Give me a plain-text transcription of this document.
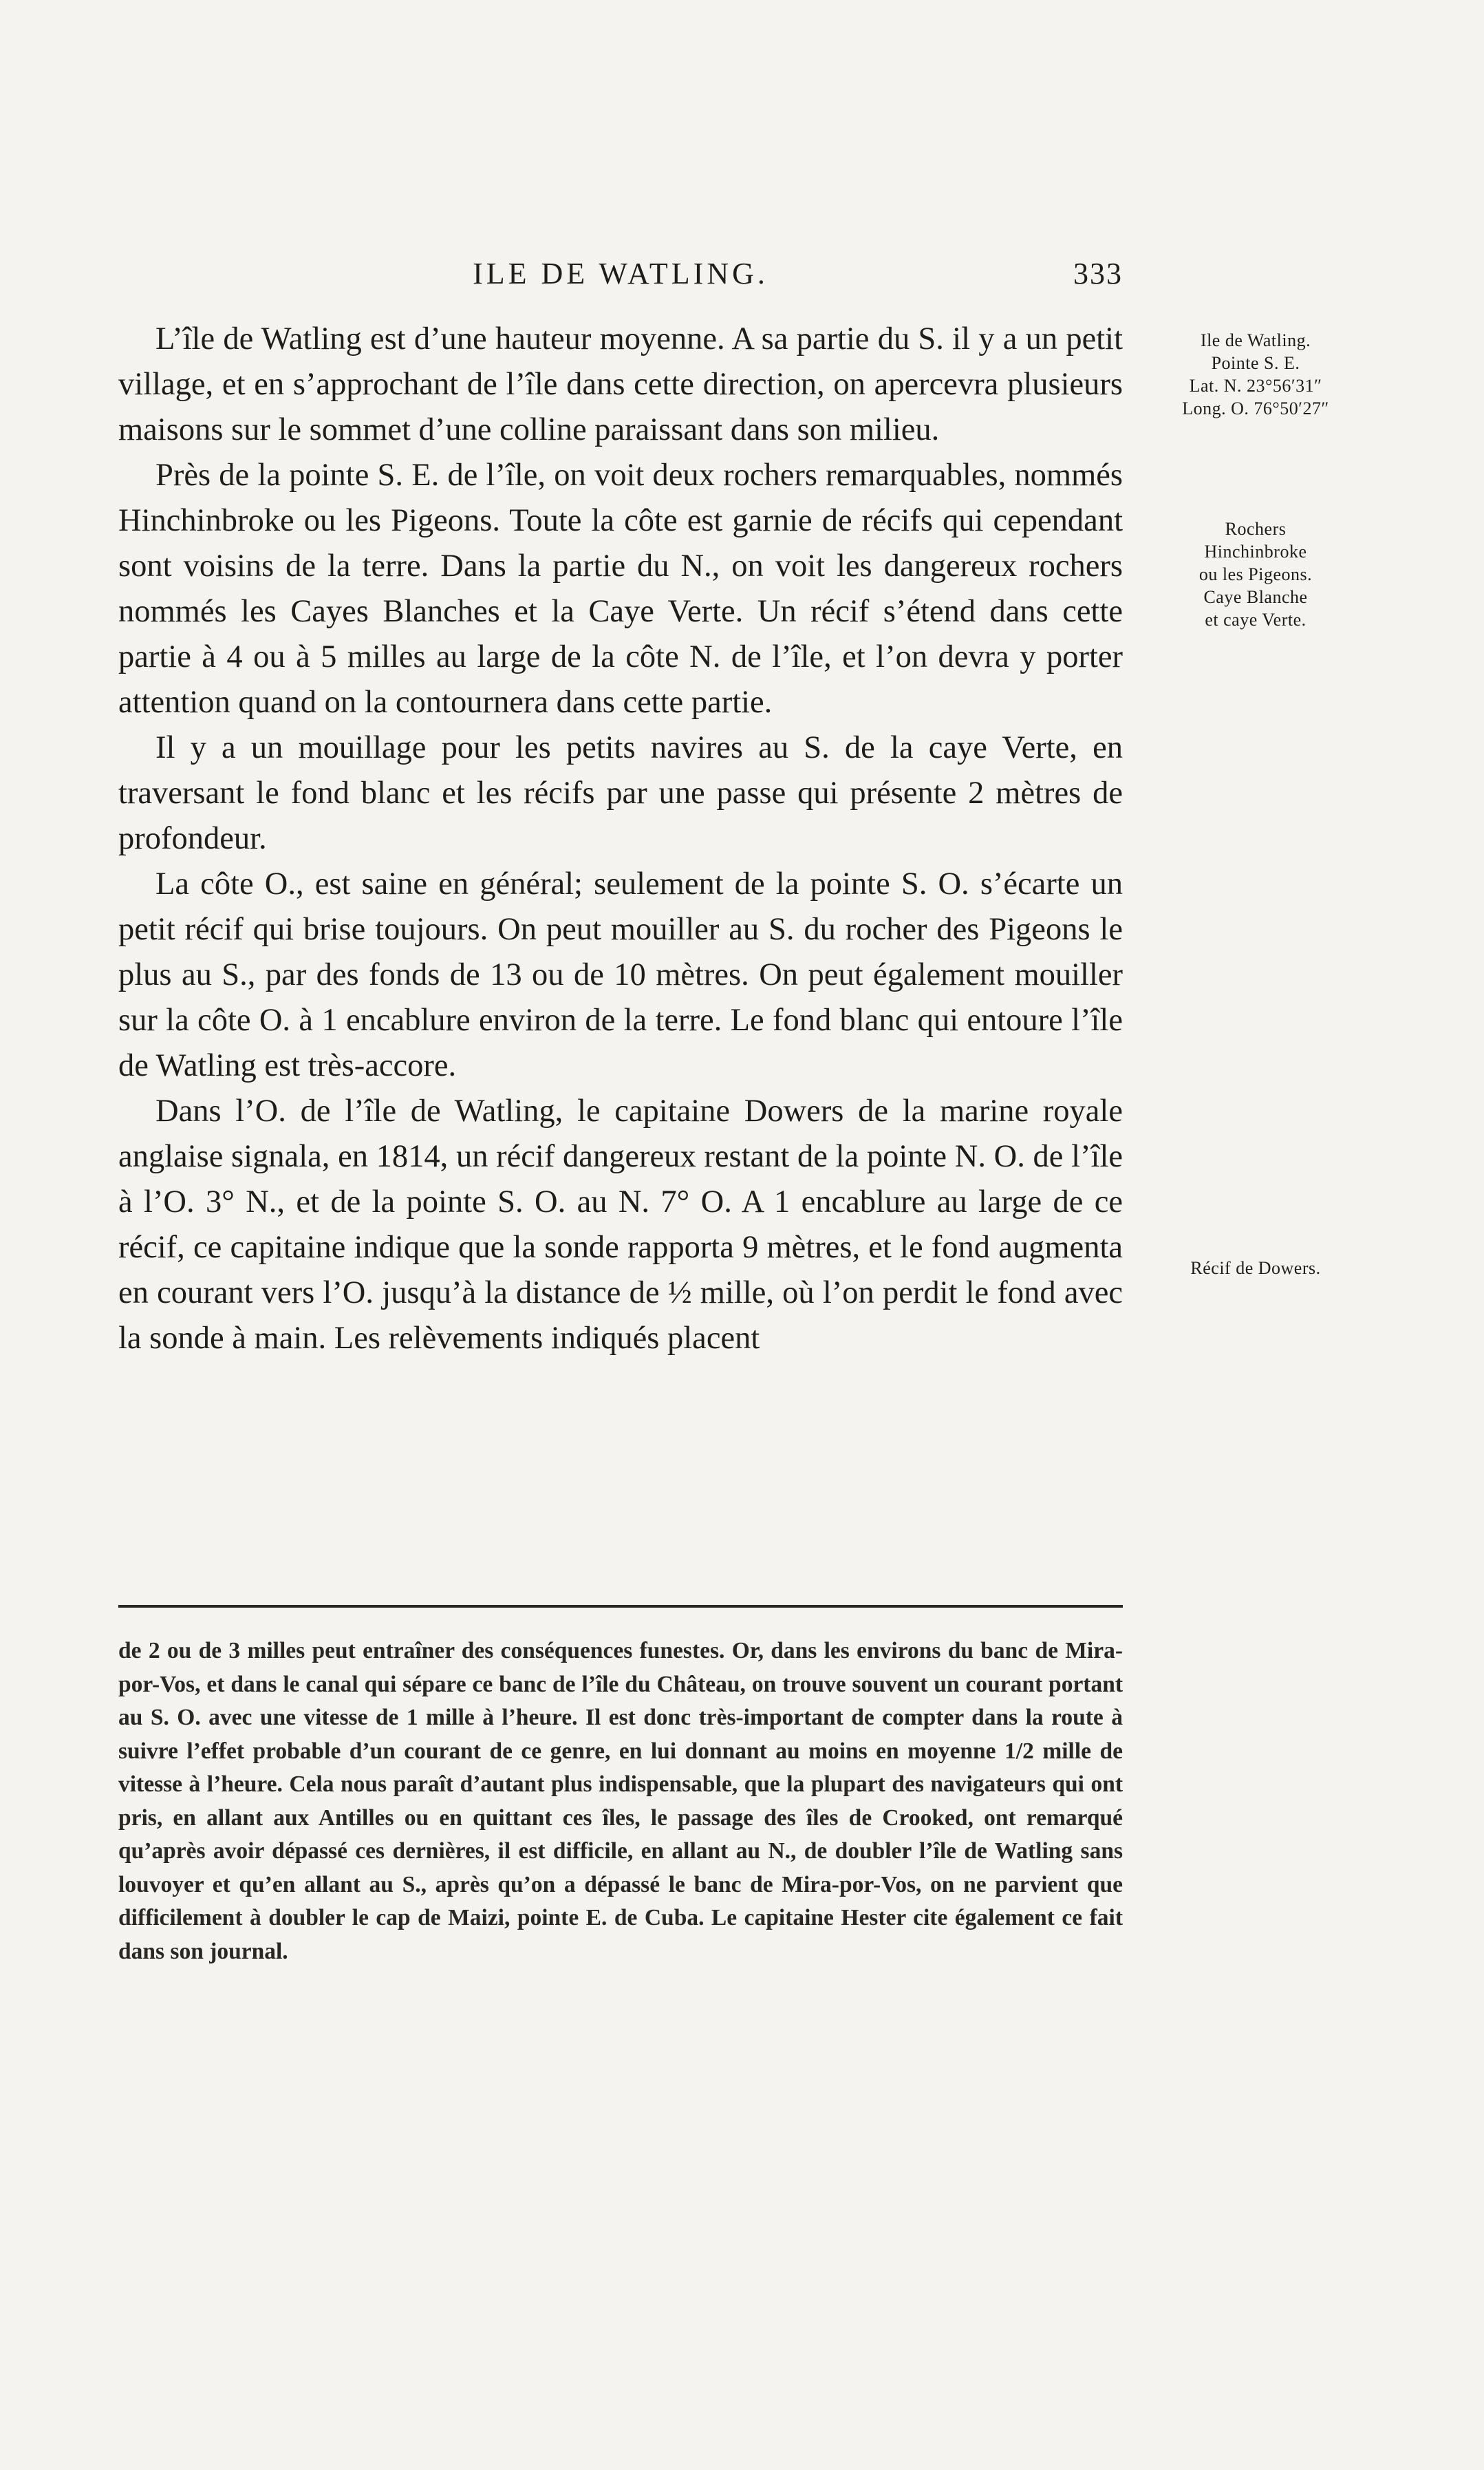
ILE DE WATLING.	333

L’île de Watling est d’une hauteur moyenne. A sa partie du S. il y a un petit village, et en s’approchant de l’île dans cette direction, on apercevra plusieurs maisons sur le sommet d’une colline paraissant dans son milieu.

Près de la pointe S. E. de l’île, on voit deux rochers remarquables, nommés Hinchinbroke ou les Pigeons. Toute la côte est garnie de récifs qui cependant sont voisins de la terre. Dans la partie du N., on voit les dangereux rochers nommés les Cayes Blanches et la Caye Verte. Un récif s’étend dans cette partie à 4 ou à 5 milles au large de la côte N. de l’île, et l’on devra y porter attention quand on la contournera dans cette partie.

Il y a un mouillage pour les petits navires au S. de la caye Verte, en traversant le fond blanc et les récifs par une passe qui présente 2 mètres de profondeur.

La côte O., est saine en général; seulement de la pointe S. O. s’écarte un petit récif qui brise toujours. On peut mouiller au S. du rocher des Pigeons le plus au S., par des fonds de 13 ou de 10 mètres. On peut également mouiller sur la côte O. à 1 encablure environ de la terre. Le fond blanc qui entoure l’île de Watling est très-accore.

Dans l’O. de l’île de Watling, le capitaine Dowers de la marine royale anglaise signala, en 1814, un récif dangereux restant de la pointe N. O. de l’île à l’O. 3° N., et de la pointe S. O. au N. 7° O. A 1 encablure au large de ce récif, ce capitaine indique que la sonde rapporta 9 mètres, et le fond augmenta en courant vers l’O. jusqu’à la distance de ½ mille, où l’on perdit le fond avec la sonde à main. Les relèvements indiqués placent

Ile de Watling.
Pointe S. E.
Lat. N. 23°56′31″
Long. O. 76°50′27″
Rochers
Hinchinbroke
ou les Pigeons.
Caye Blanche
et caye Verte.
Récif de Dowers.

de 2 ou de 3 milles peut entraîner des conséquences funestes. Or, dans les environs du banc de Mira-por-Vos, et dans le canal qui sépare ce banc de l’île du Château, on trouve souvent un courant portant au S. O. avec une vitesse de 1 mille à l’heure. Il est donc très-important de compter dans la route à suivre l’effet probable d’un courant de ce genre, en lui donnant au moins en moyenne 1/2 mille de vitesse à l’heure. Cela nous paraît d’autant plus indispensable, que la plupart des navigateurs qui ont pris, en allant aux Antilles ou en quittant ces îles, le passage des îles de Crooked, ont remarqué qu’après avoir dépassé ces dernières, il est difficile, en allant au N., de doubler l’île de Watling sans louvoyer et qu’en allant au S., après qu’on a dépassé le banc de Mira-por-Vos, on ne parvient que difficilement à doubler le cap de Maizi, pointe E. de Cuba. Le capitaine Hester cite également ce fait dans son journal.
